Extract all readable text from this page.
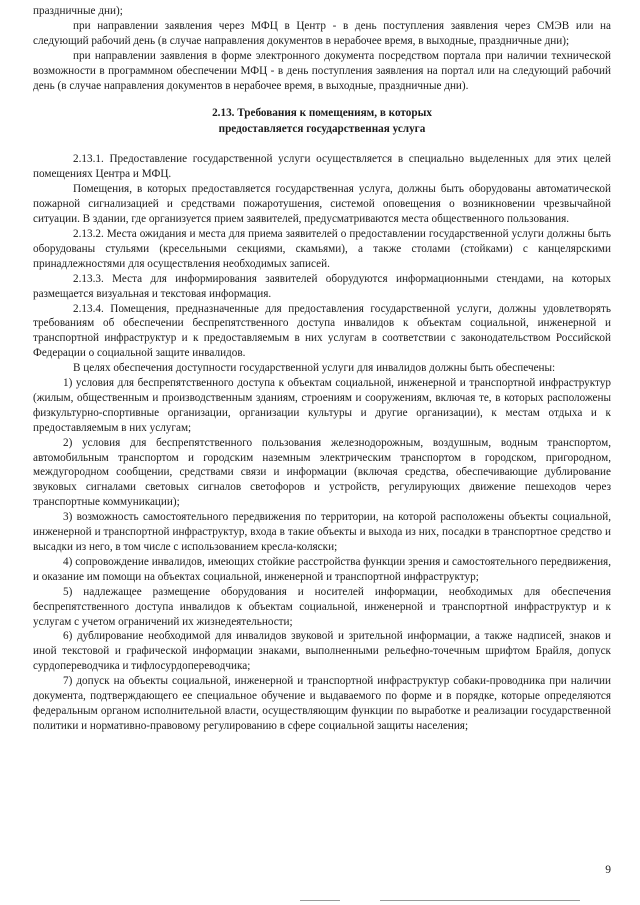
праздничные дни);

при направлении заявления через МФЦ в Центр - в день поступления заявления через СМЭВ или на следующий рабочий день (в случае направления документов в нерабочее время, в выходные, праздничные дни);

при направлении заявления в форме электронного документа посредством портала при наличии технической возможности в программном обеспечении МФЦ - в день поступления заявления на портал или на следующий рабочий день (в случае направления документов в нерабочее время, в выходные, праздничные дни).

2.13. Требования к помещениям, в которых
предоставляется государственная услуга

2.13.1. Предоставление государственной услуги осуществляется в специально выделенных для этих целей помещениях Центра и МФЦ.

Помещения, в которых предоставляется государственная услуга, должны быть оборудованы автоматической пожарной сигнализацией и средствами пожаротушения, системой оповещения о возникновении чрезвычайной ситуации. В здании, где организуется прием заявителей, предусматриваются места общественного пользования.

2.13.2. Места ожидания и места для приема заявителей о предоставлении государственной услуги должны быть оборудованы стульями (кресельными секциями, скамьями), а также столами (стойками) с канцелярскими принадлежностями для осуществления необходимых записей.

2.13.3. Места для информирования заявителей оборудуются информационными стендами, на которых размещается визуальная и текстовая информация.

2.13.4. Помещения, предназначенные для предоставления государственной услуги, должны удовлетворять требованиям об обеспечении беспрепятственного доступа инвалидов к объектам социальной, инженерной и транспортной инфраструктур и к предоставляемым в них услугам в соответствии с законодательством Российской Федерации о социальной защите инвалидов.

В целях обеспечения доступности государственной услуги для инвалидов должны быть обеспечены:

1) условия для беспрепятственного доступа к объектам социальной, инженерной и транспортной инфраструктур (жилым, общественным и производственным зданиям, строениям и сооружениям, включая те, в которых расположены физкультурно-спортивные организации, организации культуры и другие организации), к местам отдыха и к предоставляемым в них услугам;

2) условия для беспрепятственного пользования железнодорожным, воздушным, водным транспортом, автомобильным транспортом и городским наземным электрическим транспортом в городском, пригородном, междугородном сообщении, средствами связи и информации (включая средства, обеспечивающие дублирование звуковых сигналами световых сигналов светофоров и устройств, регулирующих движение пешеходов через транспортные коммуникации);

3) возможность самостоятельного передвижения по территории, на которой расположены объекты социальной, инженерной и транспортной инфраструктур, входа в такие объекты и выхода из них, посадки в транспортное средство и высадки из него, в том числе с использованием кресла-коляски;

4) сопровождение инвалидов, имеющих стойкие расстройства функции зрения и самостоятельного передвижения, и оказание им помощи на объектах социальной, инженерной и транспортной инфраструктур;

5) надлежащее размещение оборудования и носителей информации, необходимых для обеспечения беспрепятственного доступа инвалидов к объектам социальной, инженерной и транспортной инфраструктур и к услугам с учетом ограничений их жизнедеятельности;

6) дублирование необходимой для инвалидов звуковой и зрительной информации, а также надписей, знаков и иной текстовой и графической информации знаками, выполненными рельефно-точечным шрифтом Брайля, допуск сурдопереводчика и тифлосурдопереводчика;

7) допуск на объекты социальной, инженерной и транспортной инфраструктур собаки-проводника при наличии документа, подтверждающего ее специальное обучение и выдаваемого по форме и в порядке, которые определяются федеральным органом исполнительной власти, осуществляющим функции по выработке и реализации государственной политики и нормативно-правовому регулированию в сфере социальной защиты населения;

9
